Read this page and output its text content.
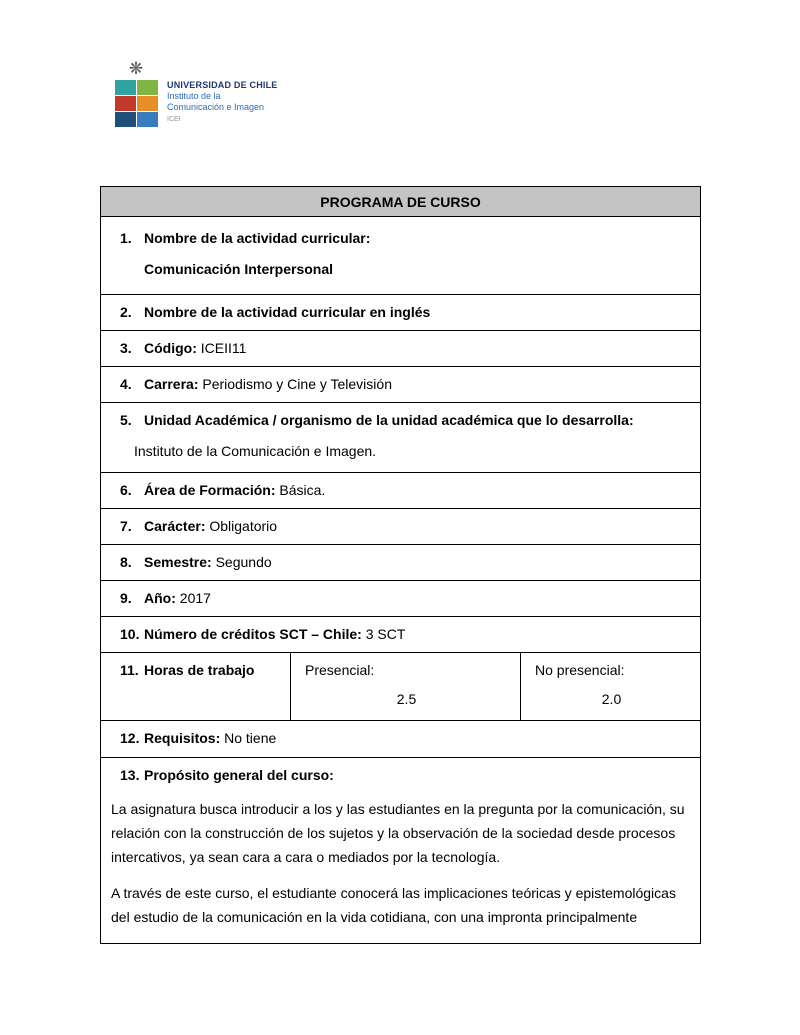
❋
UNIVERSIDAD DE CHILE
Instituto de la
Comunicación e Imagen
ICEI
PROGRAMA DE CURSO
1. Nombre de la actividad curricular:
Comunicación Interpersonal
2. Nombre de la actividad curricular en inglés
3. Código: ICEII11
4. Carrera: Periodismo y Cine y Televisión
5. Unidad Académica / organismo de la unidad académica que lo desarrolla:
Instituto de la Comunicación e Imagen.
6. Área de Formación: Básica.
7. Carácter: Obligatorio
8. Semestre: Segundo
9. Año: 2017
10. Número de créditos SCT – Chile: 3 SCT
11. Horas de trabajo	Presencial:
2.5
No presencial:
2.0
12. Requisitos: No tiene
13. Propósito general del curso:

La asignatura busca introducir a los y las estudiantes en la pregunta por la comunicación, su relación con la construcción de los sujetos y la observación de la sociedad desde procesos intercativos, ya sean cara a cara o mediados por la tecnología.

A través de este curso, el estudiante conocerá las implicaciones teóricas y epistemológicas del estudio de la comunicación en la vida cotidiana, con una impronta principalmente
